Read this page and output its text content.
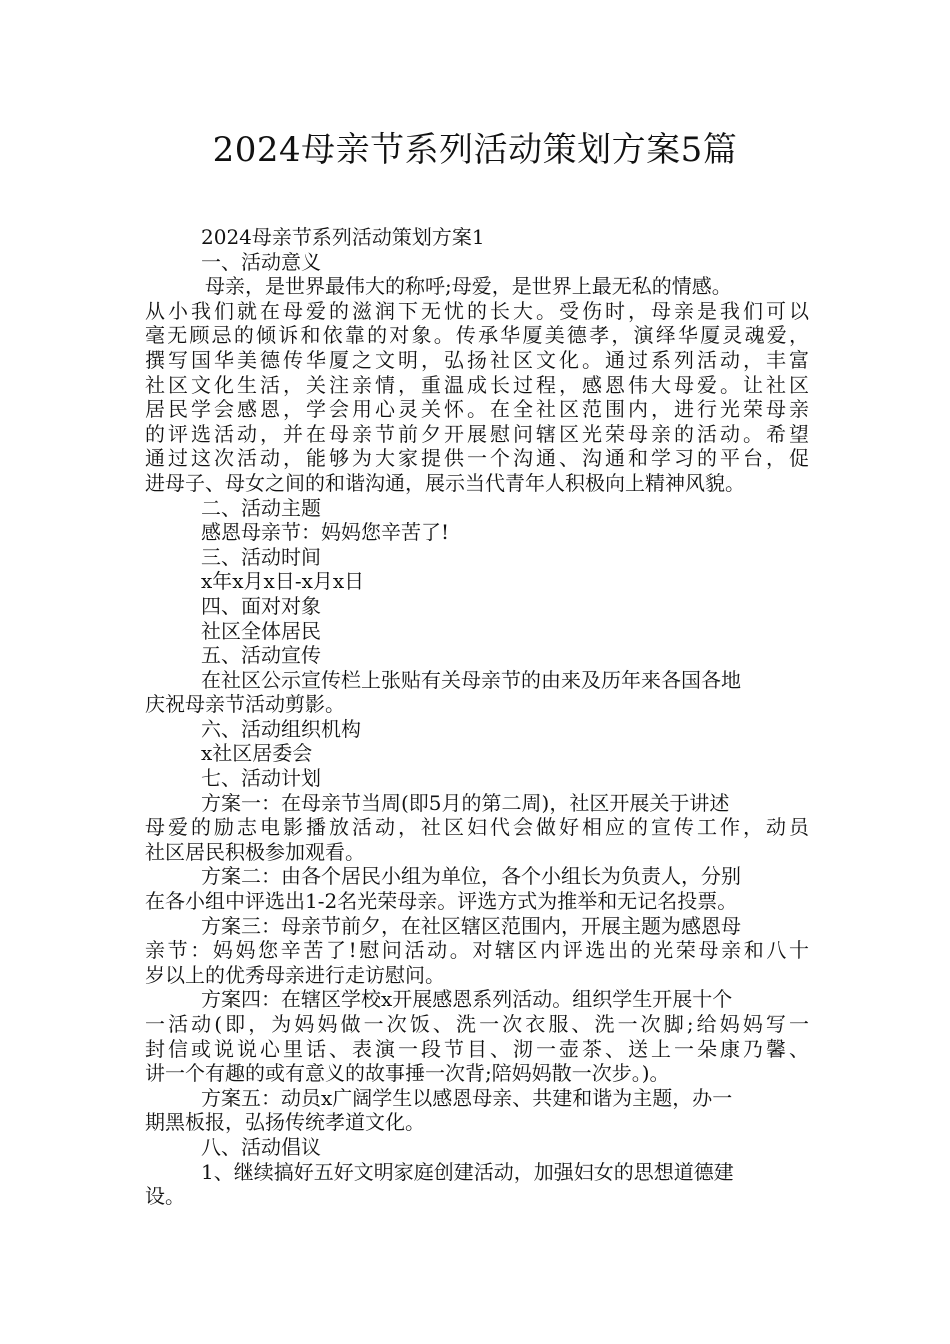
2024母亲节系列活动策划方案5篇

2024母亲节系列活动策划方案1

一、活动意义

母亲，是世界最伟大的称呼;母爱，是世界上最无私的情感。

从小我们就在母爱的滋润下无忧的长大。受伤时，母亲是我们可以

毫无顾忌的倾诉和依靠的对象。传承华厦美德孝，演绎华厦灵魂爱，

撰写国华美德传华厦之文明，弘扬社区文化。通过系列活动，丰富

社区文化生活，关注亲情，重温成长过程，感恩伟大母爱。让社区

居民学会感恩，学会用心灵关怀。在全社区范围内，进行光荣母亲

的评选活动，并在母亲节前夕开展慰问辖区光荣母亲的活动。希望

通过这次活动，能够为大家提供一个沟通、沟通和学习的平台，促

进母子、母女之间的和谐沟通，展示当代青年人积极向上精神风貌。

二、活动主题

感恩母亲节：妈妈您辛苦了!

三、活动时间

x年x月x日-x月x日

四、面对对象

社区全体居民

五、活动宣传

在社区公示宣传栏上张贴有关母亲节的由来及历年来各国各地

庆祝母亲节活动剪影。

六、活动组织机构

x社区居委会

七、活动计划

方案一：在母亲节当周(即5月的第二周)，社区开展关于讲述

母爱的励志电影播放活动，社区妇代会做好相应的宣传工作，动员

社区居民积极参加观看。

方案二：由各个居民小组为单位，各个小组长为负责人，分别

在各小组中评选出1-2名光荣母亲。评选方式为推举和无记名投票。

方案三：母亲节前夕，在社区辖区范围内，开展主题为感恩母

亲节：妈妈您辛苦了!慰问活动。对辖区内评选出的光荣母亲和八十

岁以上的优秀母亲进行走访慰问。

方案四：在辖区学校x开展感恩系列活动。组织学生开展十个

一活动(即，为妈妈做一次饭、洗一次衣服、洗一次脚;给妈妈写一

封信或说说心里话、表演一段节目、沏一壶茶、送上一朵康乃馨、

讲一个有趣的或有意义的故事捶一次背;陪妈妈散一次步。)。

方案五：动员x广阔学生以感恩母亲、共建和谐为主题，办一

期黑板报，弘扬传统孝道文化。

八、活动倡议

1、继续搞好五好文明家庭创建活动，加强妇女的思想道德建

设。
